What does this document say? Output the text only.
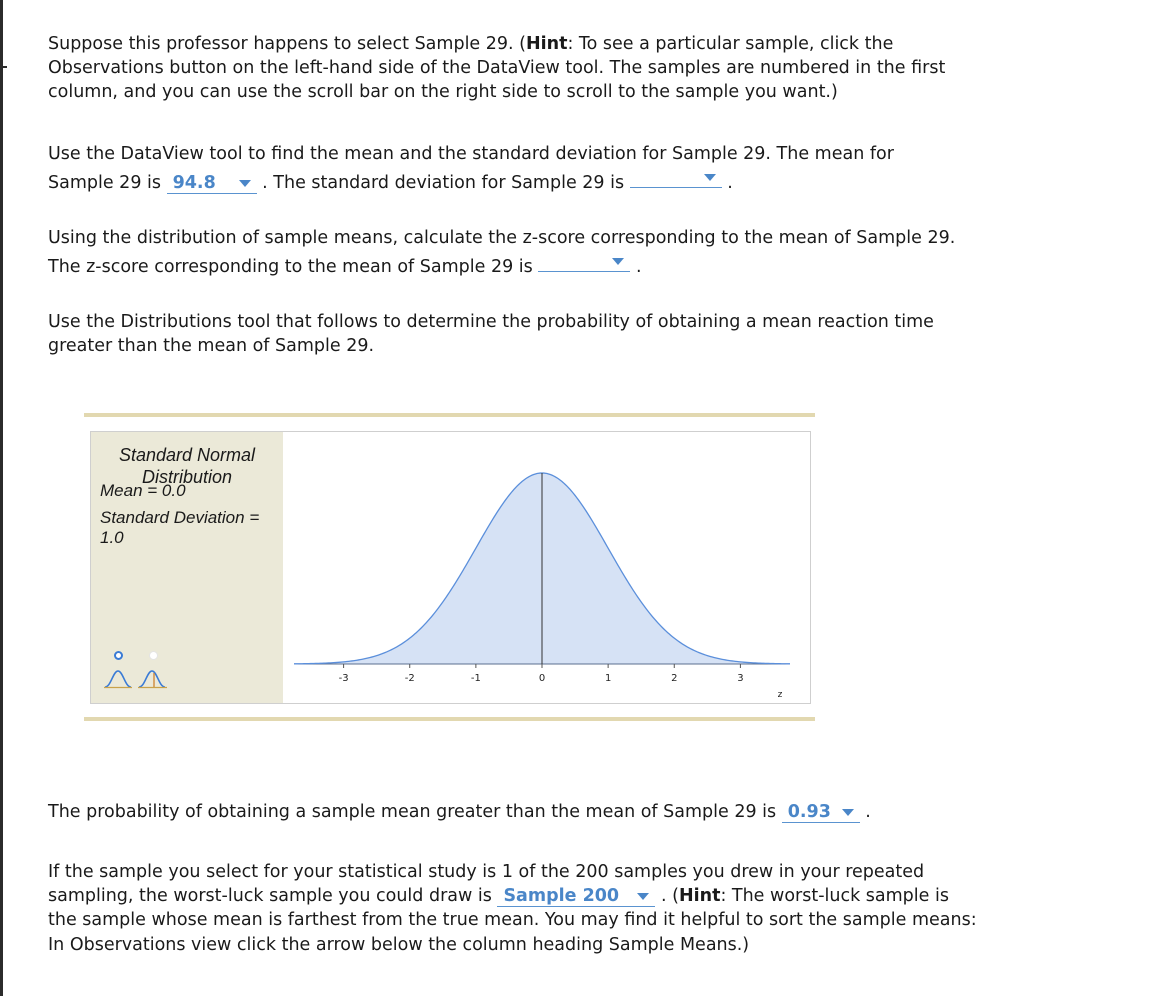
Suppose this professor happens to select Sample 29. (Hint: To see a particular sample, click the Observations button on the left-hand side of the DataView tool. The samples are numbered in the first column, and you can use the scroll bar on the right side to scroll to the sample you want.)

Use the DataView tool to find the mean and the standard deviation for Sample 29. The mean for
Sample 29 is 94.8	. The standard deviation for Sample 29 is	.

Using the distribution of sample means, calculate the z-score corresponding to the mean of Sample 29. The z-score corresponding to the mean of Sample 29 is	.

Use the Distributions tool that follows to determine the probability of obtaining a mean reaction time greater than the mean of Sample 29.

Standard Normal Distribution
Mean = 0.0
Standard Deviation = 1.0
-3	-2	-1	0	1	2	3
z

The probability of obtaining a sample mean greater than the mean of Sample 29 is 0.93 .

If the sample you select for your statistical study is 1 of the 200 samples you drew in your repeated sampling, the worst-luck sample you could draw is Sample 200 . (Hint: The worst-luck sample is the sample whose mean is farthest from the true mean. You may find it helpful to sort the sample means: In Observations view click the arrow below the column heading Sample Means.)
